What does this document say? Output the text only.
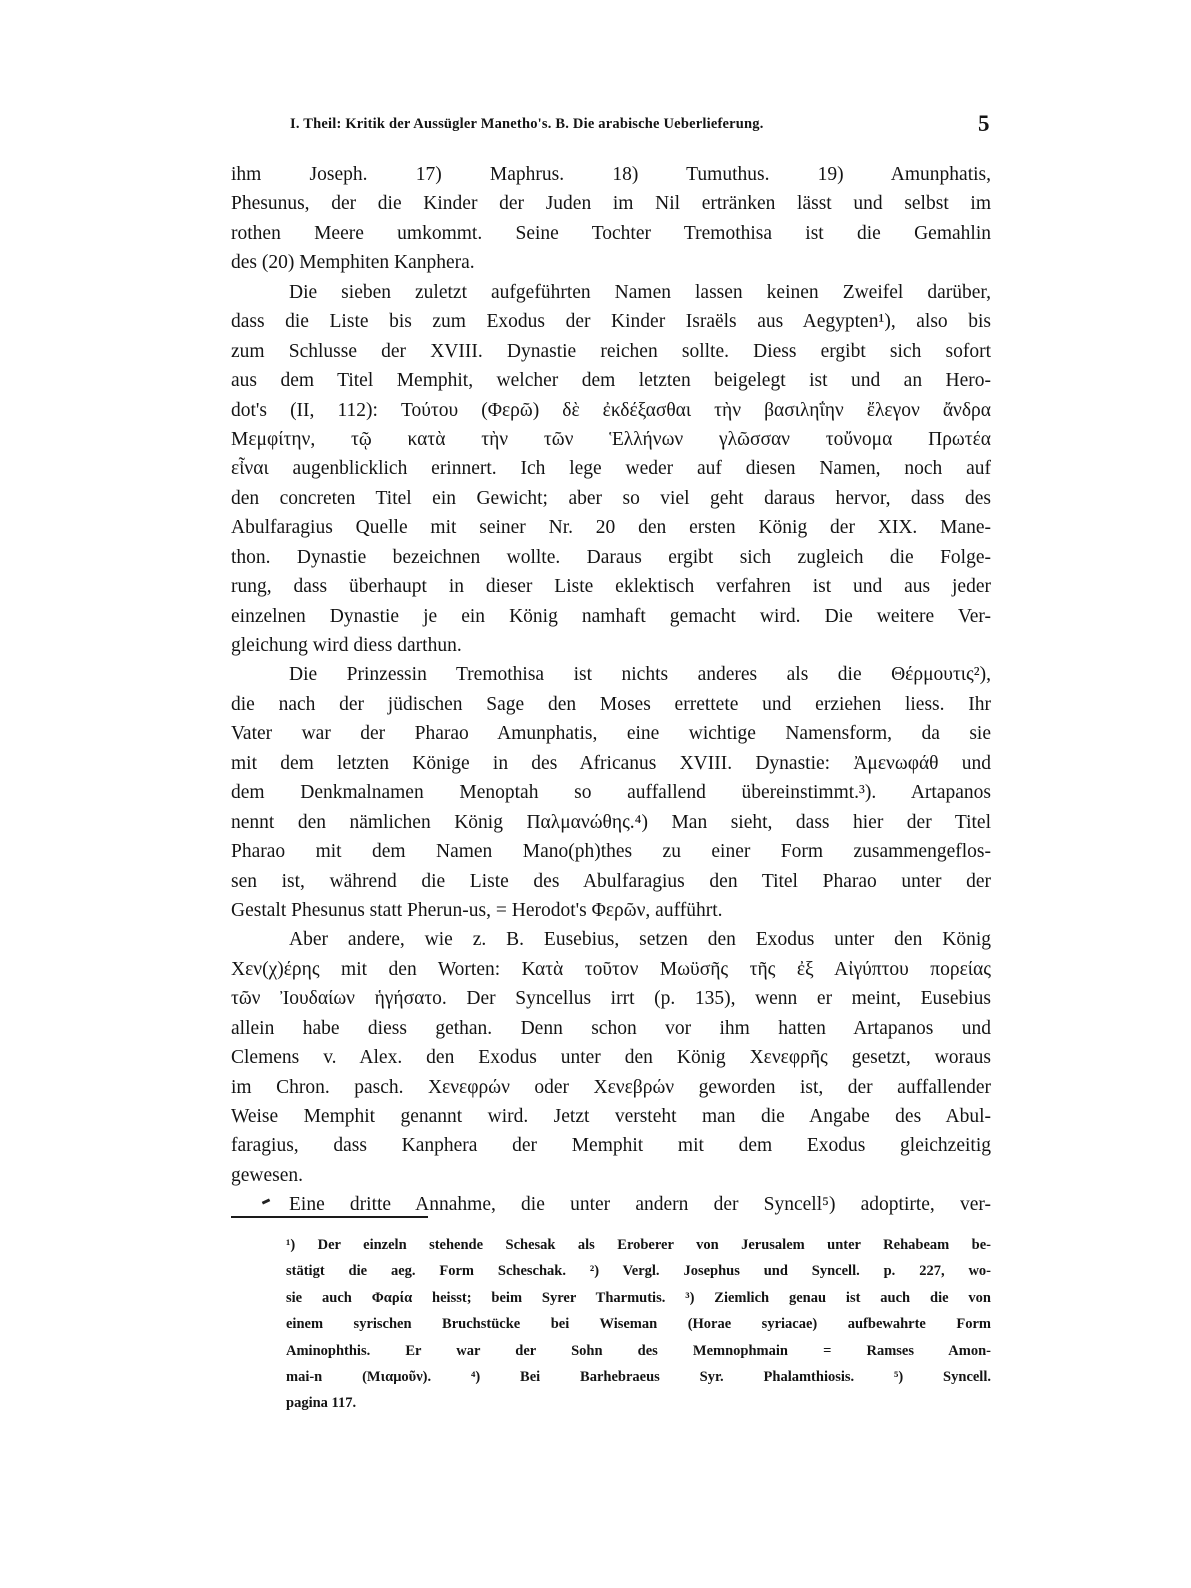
I. Theil: Kritik der Aussügler Manetho's. B. Die arabische Ueberlieferung.	5
ihm Joseph. 17) Maphrus. 18) Tumuthus. 19) Amunphatis,
Phesunus, der die Kinder der Juden im Nil ertränken lässt und selbst im
rothen Meere umkommt. Seine Tochter Tremothisa ist die Gemahlin
des (20) Memphiten Kanphera.
Die sieben zuletzt aufgeführten Namen lassen keinen Zweifel darüber,
dass die Liste bis zum Exodus der Kinder Israëls aus Aegypten¹), also bis
zum Schlusse der XVIII. Dynastie reichen sollte. Diess ergibt sich sofort
aus dem Titel Memphit, welcher dem letzten beigelegt ist und an Hero-
dot's (II, 112): Τούτου (Φερῶ) δὲ ἐκδέξασθαι τὴν βασιληΐην ἔλεγον ἄνδρα
Μεμφίτην, τῷ κατὰ τὴν τῶν Ἑλλήνων γλῶσσαν τοὔνομα Πρωτέα
εἶναι augenblicklich erinnert. Ich lege weder auf diesen Namen, noch auf
den concreten Titel ein Gewicht; aber so viel geht daraus hervor, dass des
Abulfaragius Quelle mit seiner Nr. 20 den ersten König der XIX. Mane-
thon. Dynastie bezeichnen wollte. Daraus ergibt sich zugleich die Folge-
rung, dass überhaupt in dieser Liste eklektisch verfahren ist und aus jeder
einzelnen Dynastie je ein König namhaft gemacht wird. Die weitere Ver-
gleichung wird diess darthun.
Die Prinzessin Tremothisa ist nichts anderes als die Θέρμουτις²),
die nach der jüdischen Sage den Moses errettete und erziehen liess. Ihr
Vater war der Pharao Amunphatis, eine wichtige Namensform, da sie
mit dem letzten Könige in des Africanus XVIII. Dynastie: Ἀμενωφάθ und
dem Denkmalnamen Menoptah so auffallend übereinstimmt.³). Artapanos
nennt den nämlichen König Παλμανώθης.⁴) Man sieht, dass hier der Titel
Pharao mit dem Namen Mano(ph)thes zu einer Form zusammengeflos-
sen ist, während die Liste des Abulfaragius den Titel Pharao unter der
Gestalt Phesunus statt Pherun-us, = Herodot's Φερῶν, aufführt.
Aber andere, wie z. B. Eusebius, setzen den Exodus unter den König
Χεν(χ)έρης mit den Worten: Κατὰ τοῦτον Μωϋσῆς τῆς ἐξ Αἰγύπτου πορείας
τῶν Ἰουδαίων ἡγήσατο. Der Syncellus irrt (p. 135), wenn er meint, Eusebius
allein habe diess gethan. Denn schon vor ihm hatten Artapanos und
Clemens v. Alex. den Exodus unter den König Χενεφρῆς gesetzt, woraus
im Chron. pasch. Χενεφρών oder Χενεβρών geworden ist, der auffallender
Weise Memphit genannt wird. Jetzt versteht man die Angabe des Abul-
faragius, dass Kanphera der Memphit mit dem Exodus gleichzeitig
gewesen.
Eine dritte Annahme, die unter andern der Syncell⁵) adoptirte, ver-
¹) Der einzeln stehende Schesak als Eroberer von Jerusalem unter Rehabeam be-
stätigt die aeg. Form Scheschak. ²) Vergl. Josephus und Syncell. p. 227, wo-
sie auch Φαρία heisst; beim Syrer Tharmutis. ³) Ziemlich genau ist auch die von
einem syrischen Bruchstücke bei Wiseman (Horae syriacae) aufbewahrte Form
Aminophthis. Er war der Sohn des Memnophmain = Ramses Amon-
mai-n (Μιαμοῦν). ⁴) Bei Barhebraeus Syr. Phalamthiosis. ⁵) Syncell.
pagina 117.
